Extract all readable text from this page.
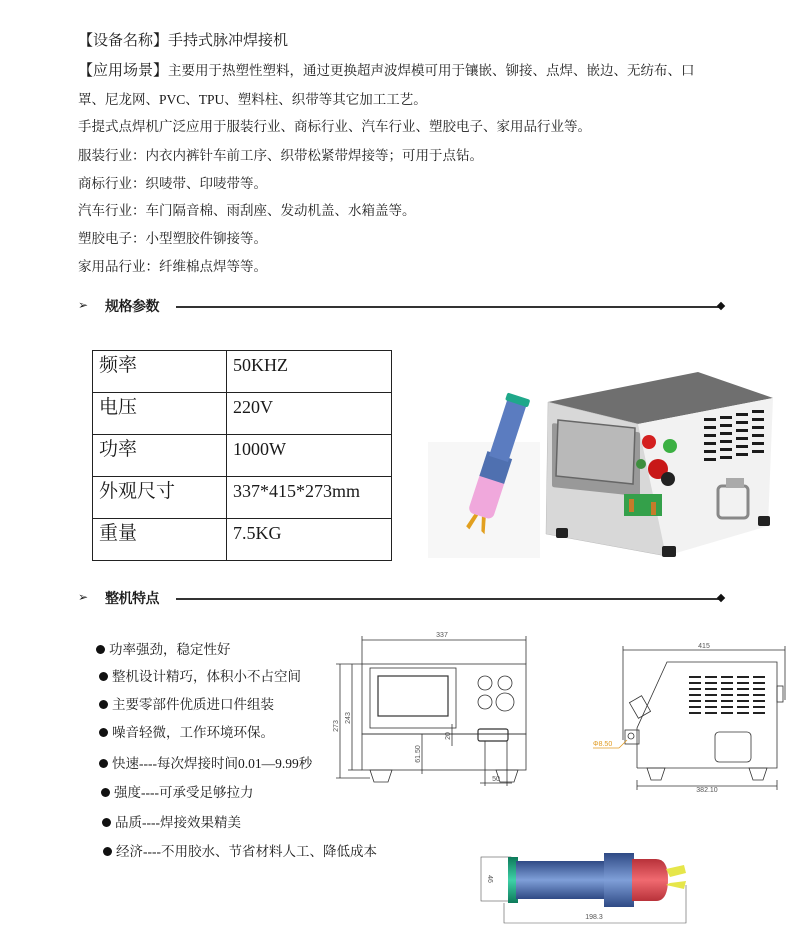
【设备名称】手持式脉冲焊接机
【应用场景】主要用于热塑性塑料，通过更换超声波焊模可用于镶嵌、铆接、点焊、嵌边、无纺布、口
罩、尼龙网、PVC、TPU、塑料柱、织带等其它加工工艺。
手提式点焊机广泛应用于服装行业、商标行业、汽车行业、塑胶电子、家用品行业等。
服装行业：内衣内裤针车前工序、织带松紧带焊接等；可用于点钻。
商标行业：织唛带、印唛带等。
汽车行业：车门隔音棉、雨刮座、发动机盖、水箱盖等。
塑胶电子：小型塑胶件铆接等。
家用品行业：纤维棉点焊等等。
➢ 规格参数
频率	50KHZ
电压	220V
功率	1000W
外观尺寸	337*415*273mm
重量	7.5KG
➢ 整机特点
功率强劲，稳定性好
整机设计精巧，体积小不占空间
主要零部件优质进口件组装
噪音轻微，工作环境环保。
快速----每次焊接时间0.01—9.99秒
强度----可承受足够拉力
品质----焊接效果精美
经济----不用胶水、节省材料人工、降低成本
337
273
243
20
61.50
50
Φ8.50
415
382.10
46
198.3
